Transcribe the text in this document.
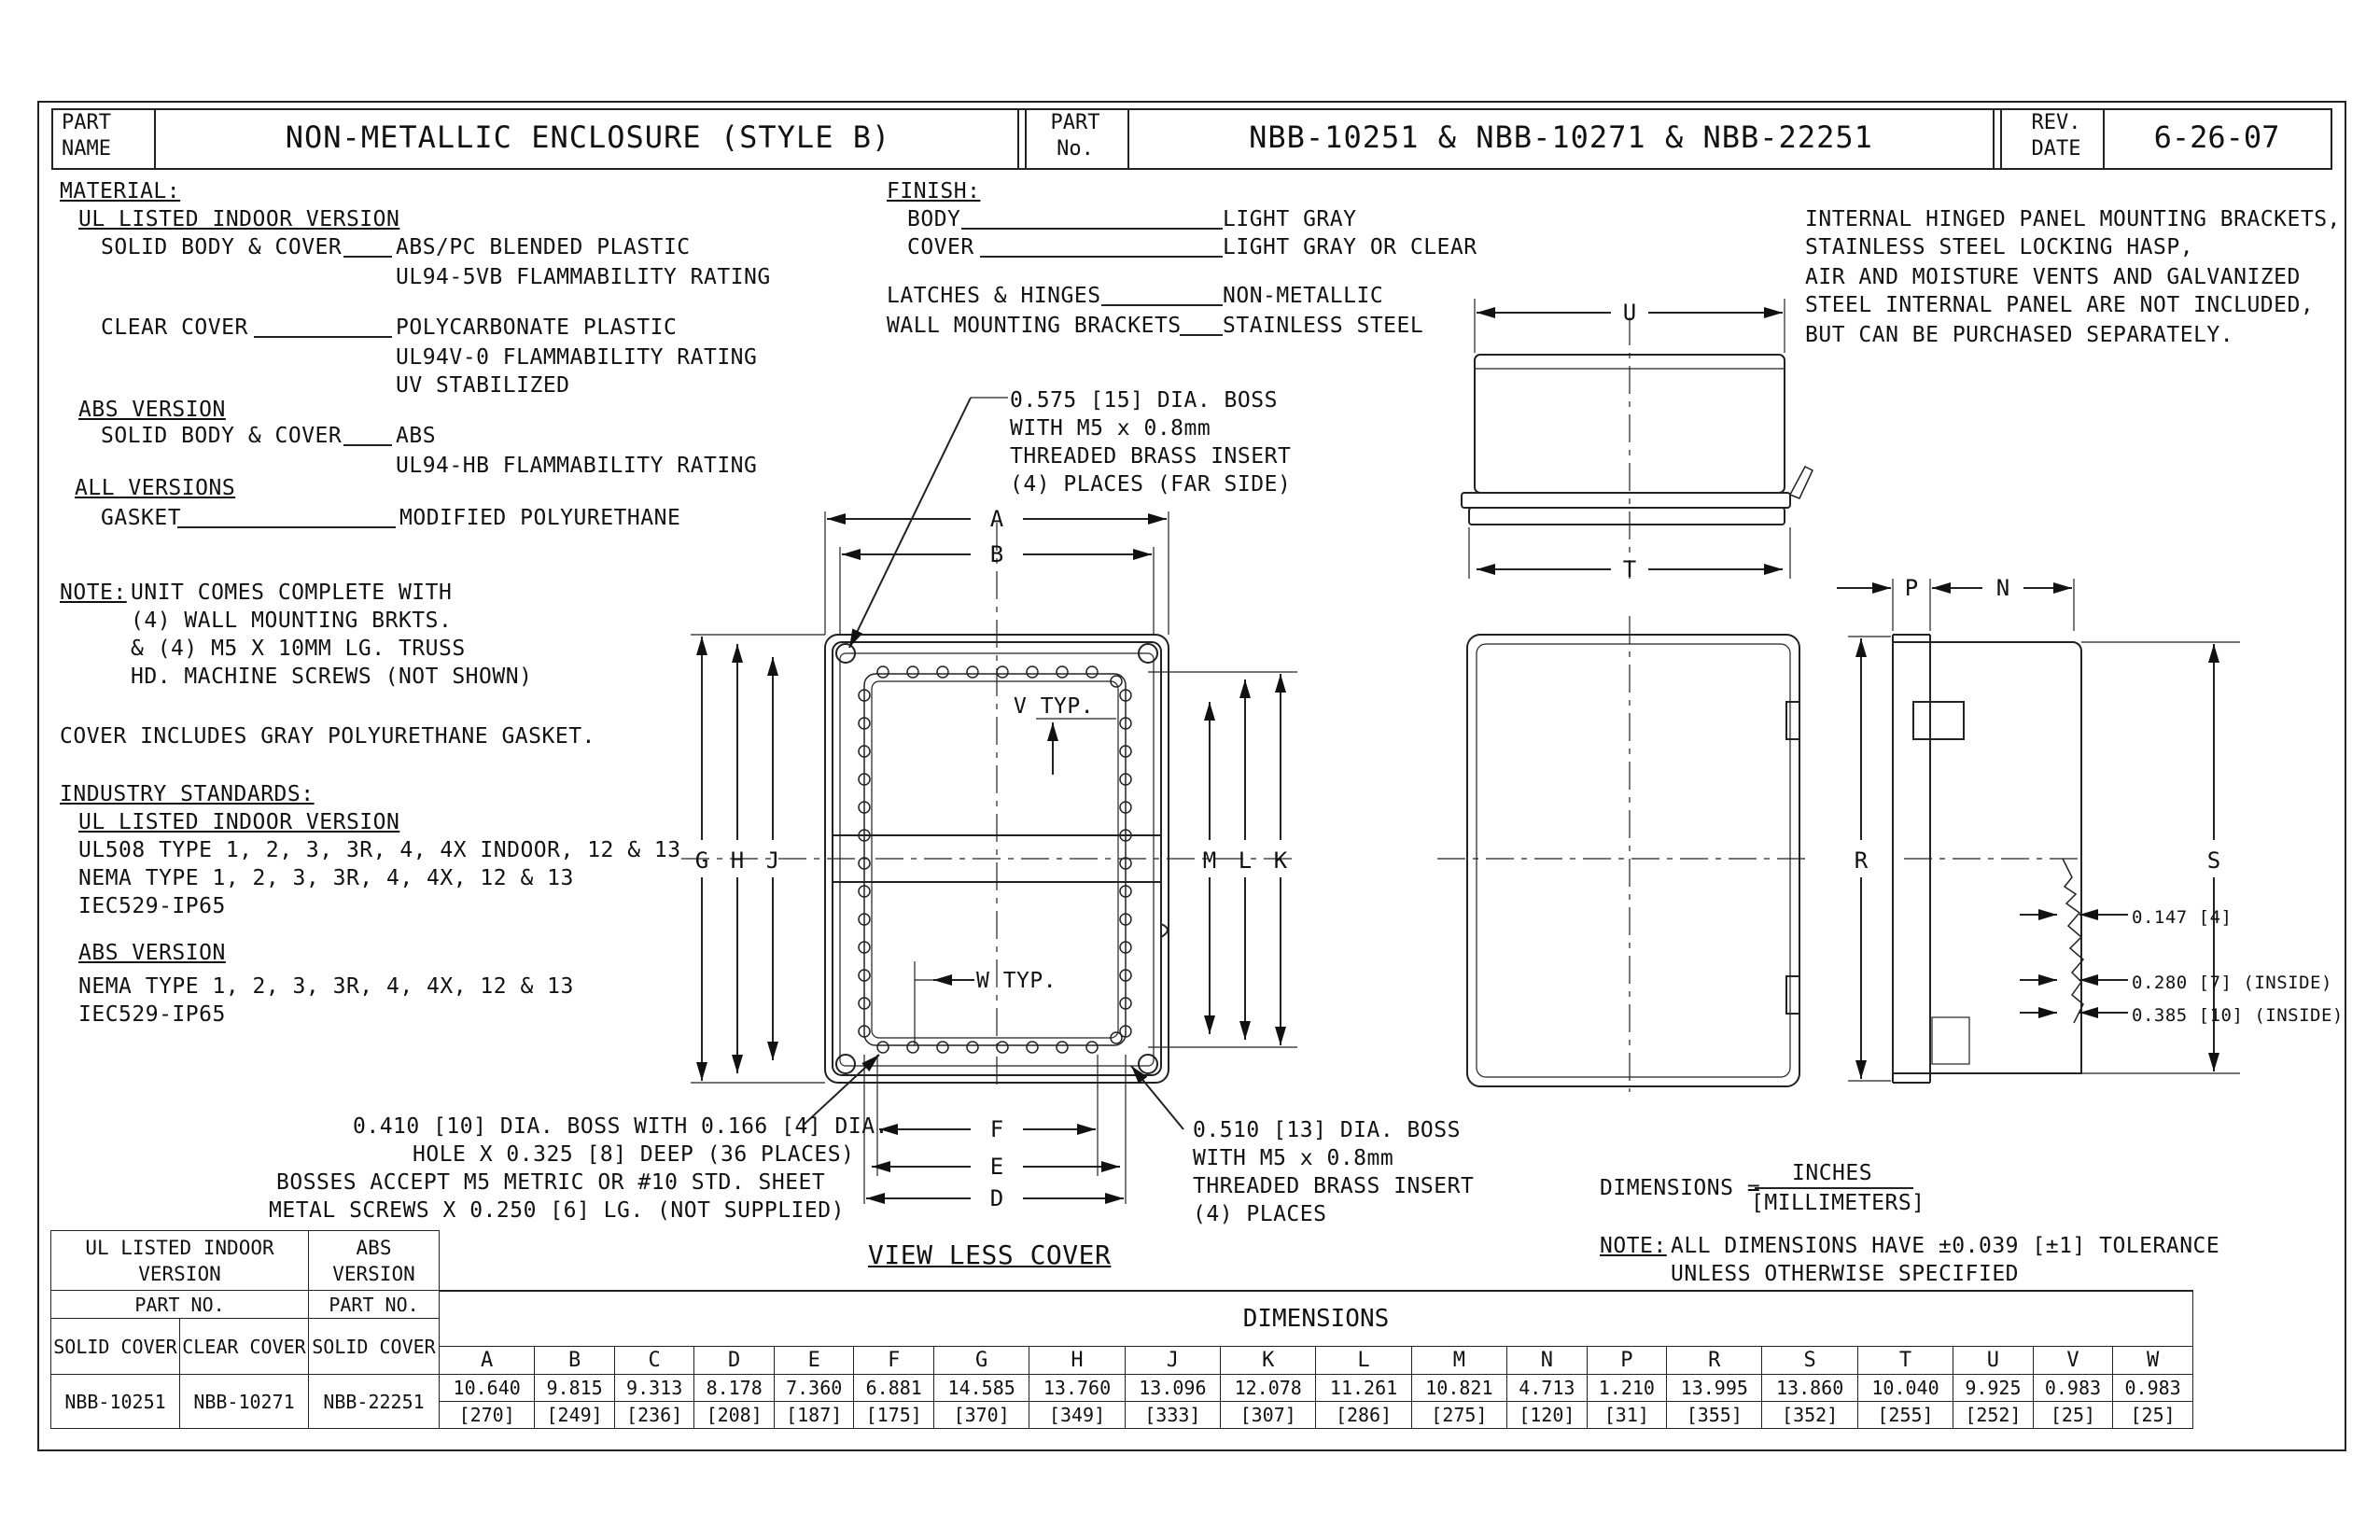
PART NAME	NON-METALLIC ENCLOSURE (STYLE B)	PART No.	NBB-10251 & NBB-10271 & NBB-22251	REV. DATE	6-26-07
MATERIAL:
UL LISTED INDOOR VERSION
SOLID BODY & COVER	ABS/PC BLENDED PLASTIC
UL94-5VB FLAMMABILITY RATING
CLEAR COVER	POLYCARBONATE PLASTIC
UL94V-0 FLAMMABILITY RATING
UV STABILIZED
ABS VERSION
SOLID BODY & COVER	ABS
UL94-HB FLAMMABILITY RATING
ALL VERSIONS
GASKET	MODIFIED POLYURETHANE
NOTE: UNIT COMES COMPLETE WITH
(4) WALL MOUNTING BRKTS.
& (4) M5 X 10MM LG. TRUSS
HD. MACHINE SCREWS (NOT SHOWN)
COVER INCLUDES GRAY POLYURETHANE GASKET.
INDUSTRY STANDARDS:
UL LISTED INDOOR VERSION
UL508 TYPE 1, 2, 3, 3R, 4, 4X INDOOR, 12 & 13
NEMA TYPE 1, 2, 3, 3R, 4, 4X, 12 & 13
IEC529-IP65
ABS VERSION
NEMA TYPE 1, 2, 3, 3R, 4, 4X, 12 & 13
IEC529-IP65
FINISH:
BODY	LIGHT GRAY
COVER	LIGHT GRAY OR CLEAR
LATCHES & HINGES	NON-METALLIC
WALL MOUNTING BRACKETS STAINLESS STEEL
INTERNAL HINGED PANEL MOUNTING BRACKETS,
STAINLESS STEEL LOCKING HASP,
AIR AND MOISTURE VENTS AND GALVANIZED
STEEL INTERNAL PANEL ARE NOT INCLUDED,
BUT CAN BE PURCHASED SEPARATELY.
A
B
G H J	M L K
F
E
D
U
T
R	S
P	N
0.575 [15] DIA. BOSS
WITH M5 x 0.8mm
THREADED BRASS INSERT
(4) PLACES (FAR SIDE)
V TYP.
W TYP.
0.410 [10] DIA. BOSS WITH 0.166 [4] DIA.
HOLE X 0.325 [8] DEEP (36 PLACES)
BOSSES ACCEPT M5 METRIC OR #10 STD. SHEET
METAL SCREWS X 0.250 [6] LG. (NOT SUPPLIED)
0.510 [13] DIA. BOSS
WITH M5 x 0.8mm
THREADED BRASS INSERT
(4) PLACES
VIEW LESS COVER
0.147 [4]
0.280 [7] (INSIDE)
0.385 [10] (INSIDE)
DIMENSIONS =
INCHES
[MILLIMETERS]
NOTE: ALL DIMENSIONS HAVE ±0.039 [±1] TOLERANCE
UNLESS OTHERWISE SPECIFIED
UL LISTED INDOOR VERSION		ABS VERSION																				
PART NO.		PART NO.	DIMENSIONS																			
SOLID COVER	CLEAR COVER	SOLID COVER																				
			A	B	C	D	E	F	G	H	J	K	L	M	N	P	R	S	T	U	V	W
NBB-10251	NBB-10271	NBB-22251	10.640	9.815	9.313	8.178	7.360	6.881	14.585	13.760	13.096	12.078	11.261	10.821	4.713	1.210	13.995	13.860	10.040	9.925	0.983	0.983
			[270]	[249]	[236]	[208]	[187]	[175]	[370]	[349]	[333]	[307]	[286]	[275]	[120]	[31]	[355]	[352]	[255]	[252]	[25]	[25]
